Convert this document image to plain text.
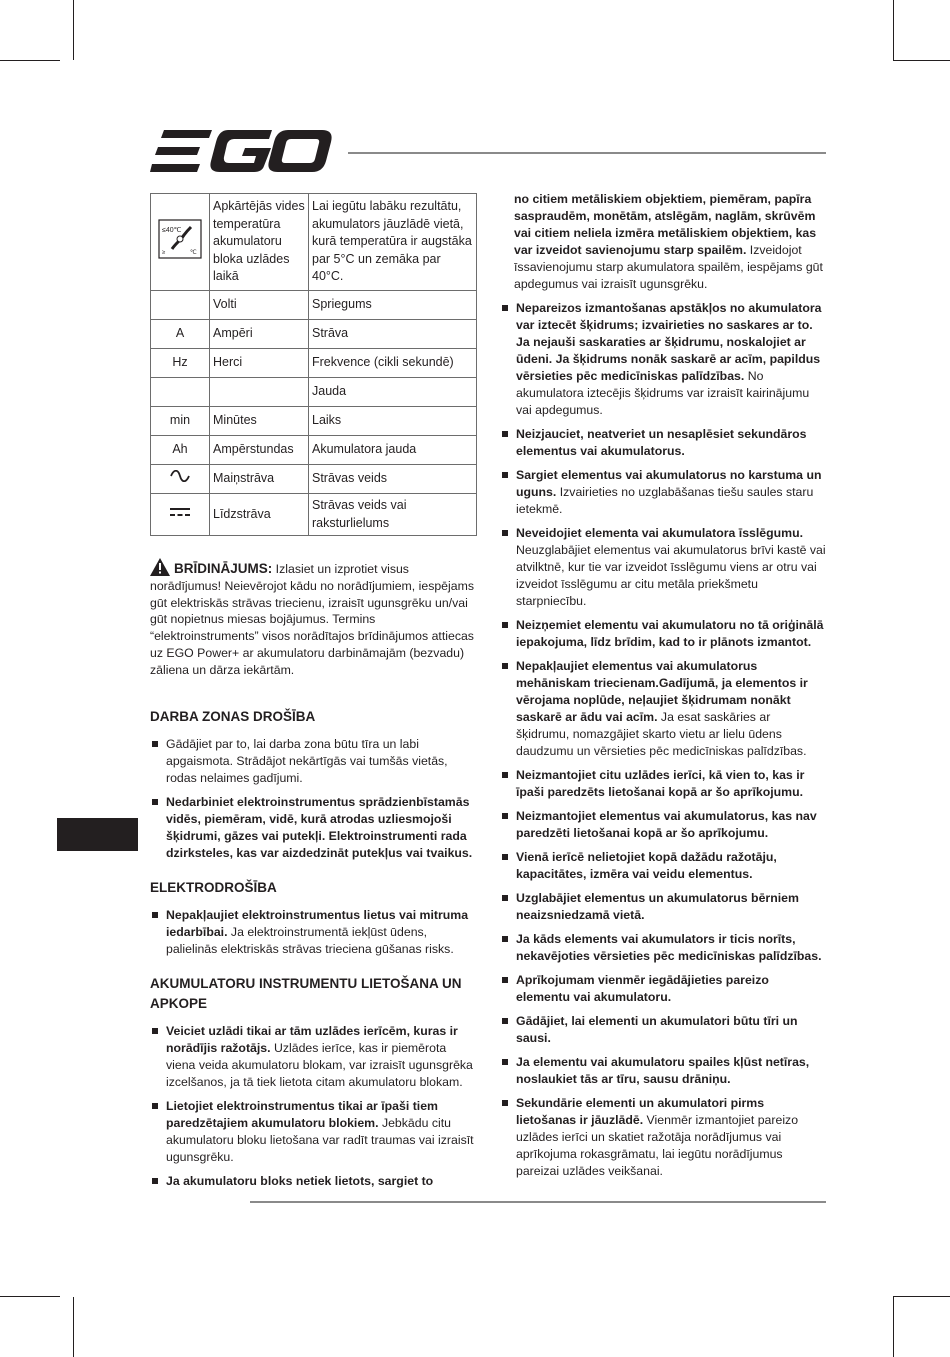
≤40℃
≥ ℃	Apkārtējās vides temperatūra akumulatoru bloka uzlādes laikā	Lai iegūtu labāku rezultātu, akumulators jāuzlādē vietā, kurā temperatūra ir augstāka par 5°C un zemāka par 40°C.
	Volti	Spriegums
A	Ampēri	Strāva
Hz	Herci	Frekvence (cikli sekundē)
		Jauda
min	Minūtes	Laiks
Ah	Ampērstundas	Akumulatora jauda
	Maiņstrāva	Strāvas veids
	Līdzstrāva	Strāvas veids vai raksturlielums

BRĪDINĀJUMS: Izlasiet un izprotiet visus norādījumus! Neievērojot kādu no norādījumiem, iespējams gūt elektriskās strāvas triecienu, izraisīt ugunsgrēku un/vai gūt nopietnus miesas bojājumus. Termins “elektroinstruments” visos norādītajos brīdinājumos attiecas uz EGO Power+ ar akumulatoru darbināmajām (bezvadu) zāliena un dārza iekārtām.

DARBA ZONAS DROŠĪBA
Gādājiet par to, lai darba zona būtu tīra un labi apgaismota. Strādājot nekārtīgās vai tumšās vietās, rodas nelaimes gadījumi.
Nedarbiniet elektroinstrumentus sprādzienbīstamās vidēs, piemēram, vidē, kurā atrodas uzliesmojoši šķidrumi, gāzes vai putekļi. Elektroinstrumenti rada dzirksteles, kas var aizdedzināt putekļus vai tvaikus.
ELEKTRODROŠĪBA
Nepakļaujiet elektroinstrumentus lietus vai mitruma iedarbībai. Ja elektroinstrumentā iekļūst ūdens, palielinās elektriskās strāvas trieciena gūšanas risks.
AKUMULATORU INSTRUMENTU LIETOŠANA UN APKOPE
Veiciet uzlādi tikai ar tām uzlādes ierīcēm, kuras ir norādījis ražotājs. Uzlādes ierīce, kas ir piemērota viena veida akumulatoru blokam, var izraisīt ugunsgrēka izcelšanos, ja tā tiek lietota citam akumulatoru blokam.
Lietojiet elektroinstrumentus tikai ar īpaši tiem paredzētajiem akumulatoru blokiem. Jebkādu citu akumulatoru bloku lietošana var radīt traumas vai izraisīt ugunsgrēku.
Ja akumulatoru bloks netiek lietots, sargiet to

no citiem metāliskiem objektiem, piemēram, papīra saspraudēm, monētām, atslēgām, naglām, skrūvēm vai citiem neliela izmēra metāliskiem objektiem, kas var izveidot savienojumu starp spailēm. Izveidojot īssavienojumu starp akumulatora spailēm, iespējams gūt apdegumus vai izraisīt ugunsgrēku.

Nepareizos izmantošanas apstākļos no akumulatora var iztecēt šķidrums; izvairieties no saskares ar to. Ja nejauši saskaraties ar šķidrumu, noskalojiet ar ūdeni. Ja šķidrums nonāk saskarē ar acīm, papildus vērsieties pēc medicīniskas palīdzības. No akumulatora iztecējis šķidrums var izraisīt kairinājumu vai apdegumus.
Neizjauciet, neatveriet un nesaplēsiet sekundāros elementus vai akumulatorus.
Sargiet elementus vai akumulatorus no karstuma un uguns. Izvairieties no uzglabāšanas tiešu saules staru ietekmē.
Neveidojiet elementa vai akumulatora īsslēgumu. Neuzglabājiet elementus vai akumulatorus brīvi kastē vai atvilktnē, kur tie var izveidot īsslēgumu viens ar otru vai izveidot īsslēgumu ar citu metāla priekšmetu starpniecību.
Neizņemiet elementu vai akumulatoru no tā oriģinālā iepakojuma, līdz brīdim, kad to ir plānots izmantot.
Nepakļaujiet elementus vai akumulatorus mehāniskam triecienam.Gadījumā, ja elementos ir vērojama noplūde, neļaujiet šķidrumam nonākt saskarē ar ādu vai acīm. Ja esat saskāries ar šķidrumu, nomazgājiet skarto vietu ar lielu ūdens daudzumu un vērsieties pēc medicīniskas palīdzības.
Neizmantojiet citu uzlādes ierīci, kā vien to, kas ir īpaši paredzēts lietošanai kopā ar šo aprīkojumu.
Neizmantojiet elementus vai akumulatorus, kas nav paredzēti lietošanai kopā ar šo aprīkojumu.
Vienā ierīcē nelietojiet kopā dažādu ražotāju, kapacitātes, izmēra vai veidu elementus.
Uzglabājiet elementus un akumulatorus bērniem neaizsniedzamā vietā.
Ja kāds elements vai akumulators ir ticis norīts, nekavējoties vērsieties pēc medicīniskas palīdzības.
Aprīkojumam vienmēr iegādājieties pareizo elementu vai akumulatoru.
Gādājiet, lai elementi un akumulatori būtu tīri un sausi.
Ja elementu vai akumulatoru spailes kļūst netīras, noslaukiet tās ar tīru, sausu drāniņu.
Sekundārie elementi un akumulatori pirms lietošanas ir jāuzlādē. Vienmēr izmantojiet pareizo uzlādes ierīci un skatiet ražotāja norādījumus vai aprīkojuma rokasgrāmatu, lai iegūtu norādījumus pareizai uzlādes veikšanai.
